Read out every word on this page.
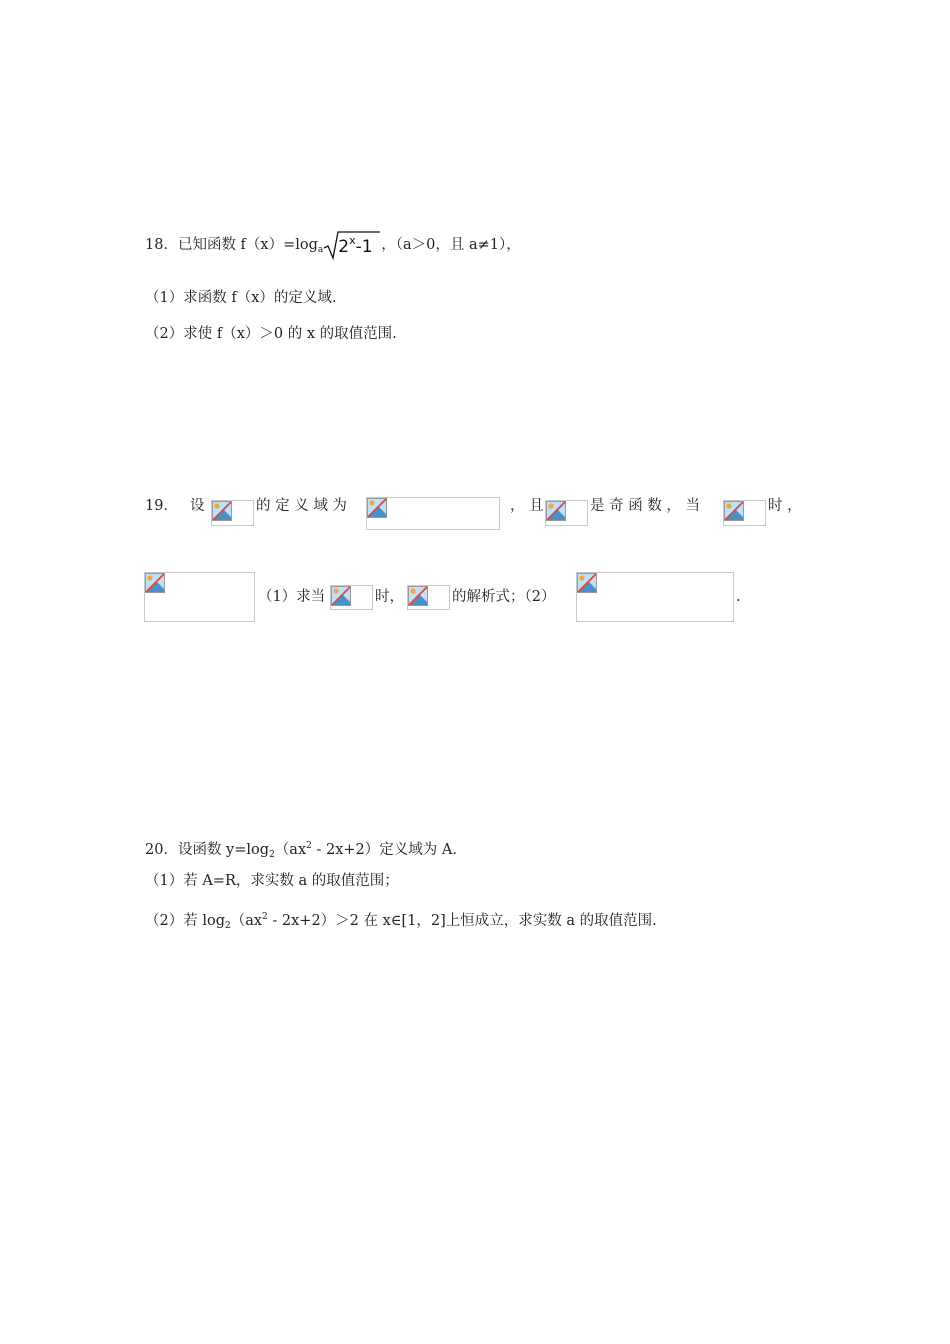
18．已知函数 $f(x)=\log_a$ 2$^x$-1 ，（a＞0，且 a≠1），
（1）求函数 f（x）的定义域.
（2）求使 f（x）＞0 的 x 的取值范围.
19． 设	的 定 义 域 为	， 且	是 奇 函 数 ， 当	时 ，
（1）求当	时，	的解析式；（2）	.
20．设函数 $y=\log_2(ax^2 - 2x+2)$定义域为 A.
（1）若 A=R，求实数 a 的取值范围；
（2）若 $\log_2(ax^2 - 2x+2)>2$ 在 x∈[1，2]上恒成立，求实数 a 的取值范围.
